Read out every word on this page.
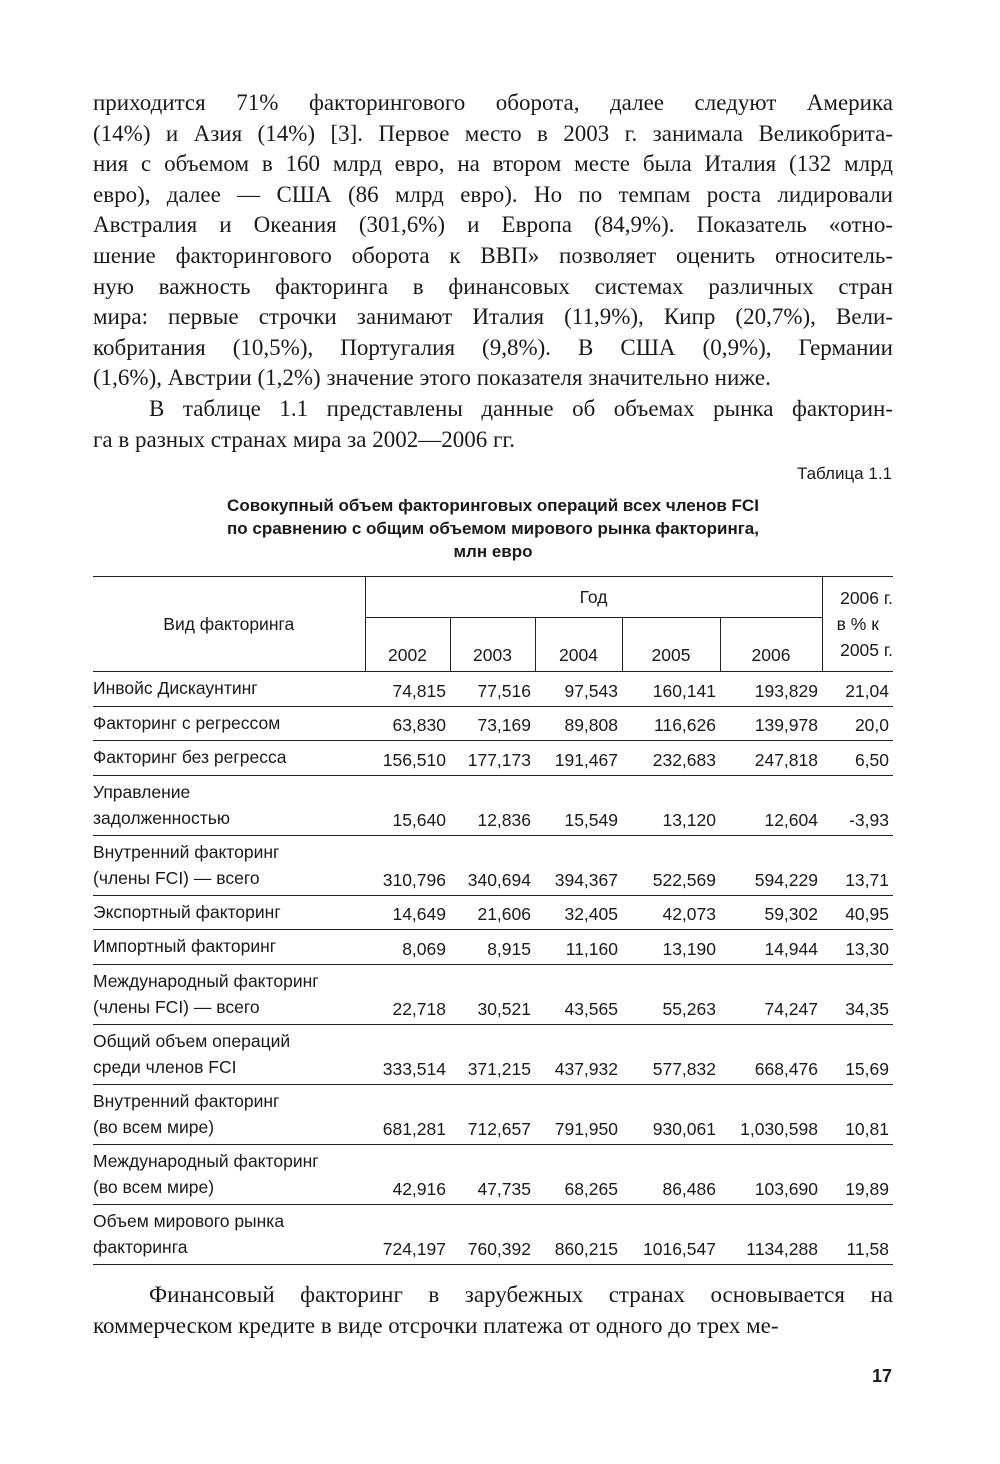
приходится 71% факторингового оборота, далее следуют Америка
(14%) и Азия (14%) [3]. Первое место в 2003 г. занимала Великобрита-
ния с объемом в 160 млрд евро, на втором месте была Италия (132 млрд
евро), далее — США (86 млрд евро). Но по темпам роста лидировали
Австралия и Океания (301,6%) и Европа (84,9%). Показатель «отно-
шение факторингового оборота к ВВП» позволяет оценить относитель-
ную важность факторинга в финансовых системах различных стран
мира: первые строчки занимают Италия (11,9%), Кипр (20,7%), Вели-
кобритания (10,5%), Португалия (9,8%). В США (0,9%), Германии
(1,6%), Австрии (1,2%) значение этого показателя значительно ниже.
В таблице 1.1 представлены данные об объемах рынка факторин-
га в разных странах мира за 2002—2006 гг.
Таблица 1.1
Совокупный объем факторинговых операций всех членов FCI
по сравнению с общим объемом мирового рынка факторинга,
млн евро
Вид факторинга	Год					2006 г.
в % к
2005 г.

	2002	2003	2004	2005	2006	

Инвойс Дискаунтинг	74,815	77,516	97,543	160,141	193,829	21,04

Факторинг с регрессом	63,830	73,169	89,808	116,626	139,978	20,0

Факторинг без регресса	156,510	177,173	191,467	232,683	247,818	6,50

Управление
задолженностью	15,640	12,836	15,549	13,120	12,604	-3,93

Внутренний факторинг
(члены FCI) — всего	310,796	340,694	394,367	522,569	594,229	13,71

Экспортный факторинг	14,649	21,606	32,405	42,073	59,302	40,95

Импортный факторинг	8,069	8,915	11,160	13,190	14,944	13,30

Международный факторинг
(члены FCI) — всего	22,718	30,521	43,565	55,263	74,247	34,35

Общий объем операций
среди членов FCI	333,514	371,215	437,932	577,832	668,476	15,69

Внутренний факторинг
(во всем мире)	681,281	712,657	791,950	930,061	1,030,598	10,81

Международный факторинг
(во всем мире)	42,916	47,735	68,265	86,486	103,690	19,89

Объем мирового рынка
факторинга	724,197	760,392	860,215	1016,547	1134,288	11,58
Финансовый факторинг в зарубежных странах основывается на
коммерческом кредите в виде отсрочки платежа от одного до трех ме-
17
